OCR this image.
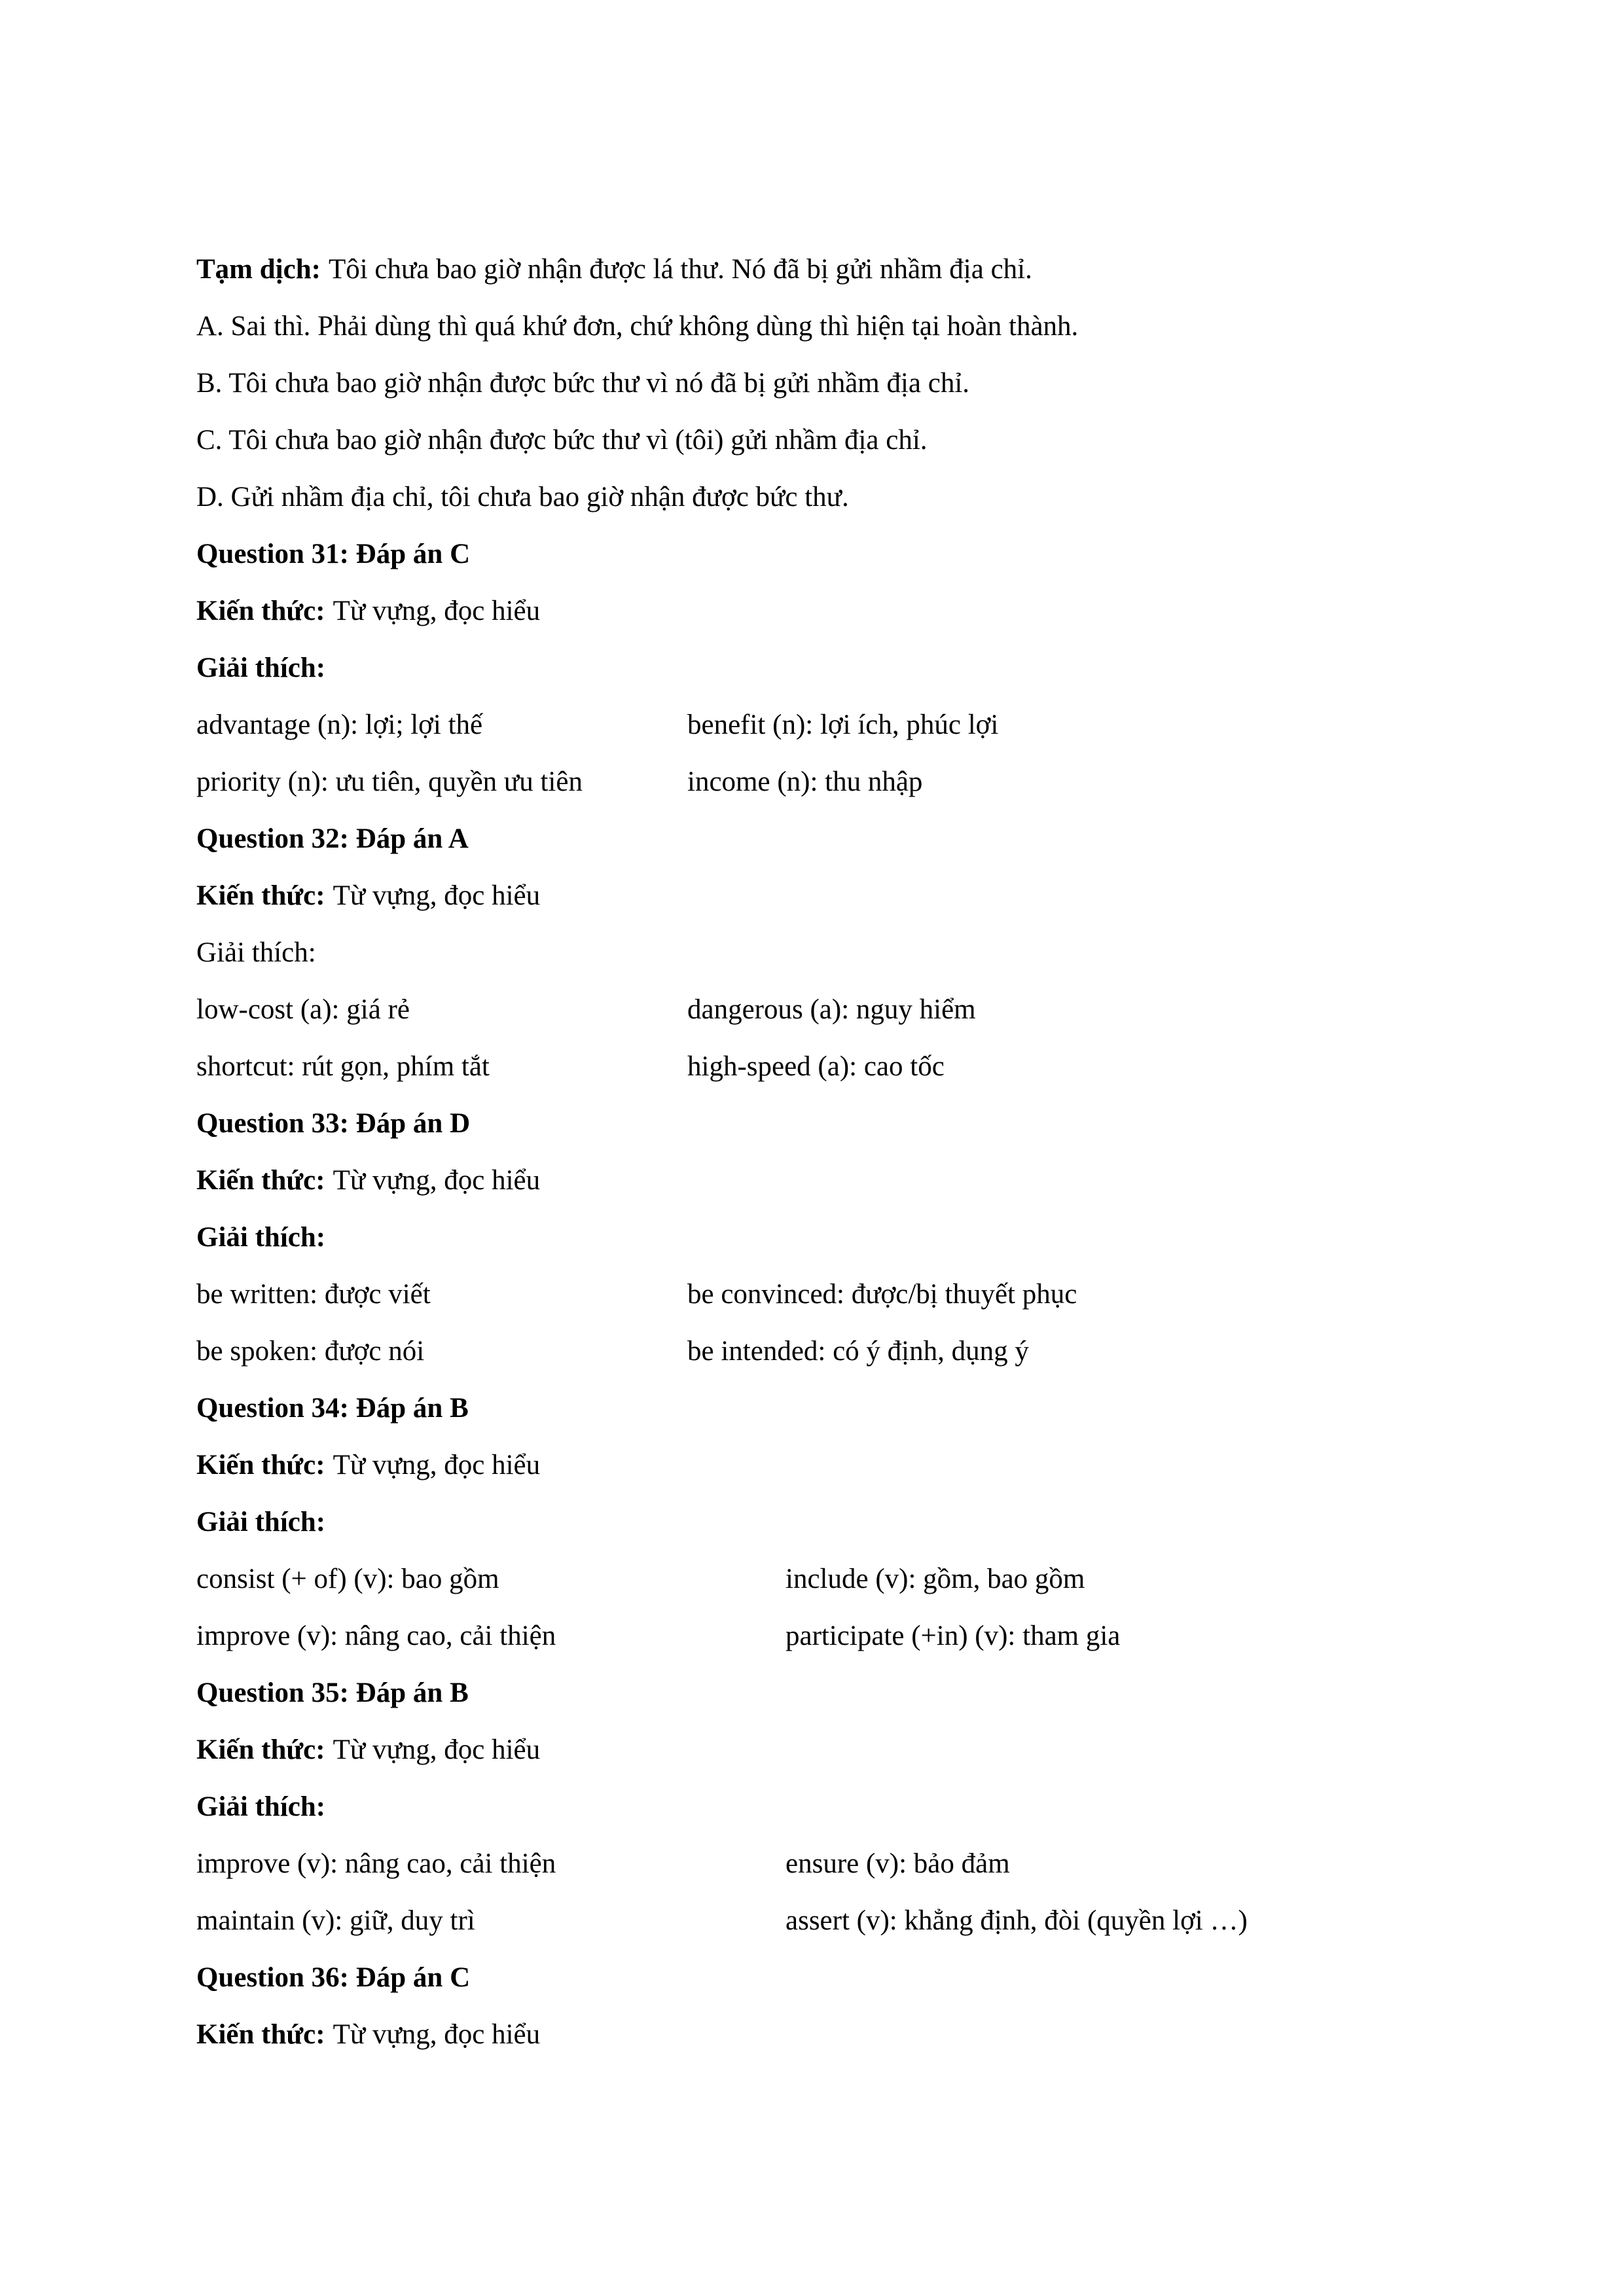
Tạm dịch: Tôi chưa bao giờ nhận được lá thư. Nó đã bị gửi nhầm địa chỉ.
A. Sai thì. Phải dùng thì quá khứ đơn, chứ không dùng thì hiện tại hoàn thành.
B. Tôi chưa bao giờ nhận được bức thư vì nó đã bị gửi nhầm địa chỉ.
C. Tôi chưa bao giờ nhận được bức thư vì (tôi) gửi nhầm địa chỉ.
D. Gửi nhầm địa chỉ, tôi chưa bao giờ nhận được bức thư.
Question 31: Đáp án C
Kiến thức: Từ vựng, đọc hiểu
Giải thích:
advantage (n): lợi; lợi thế	benefit (n): lợi ích, phúc lợi
priority (n): ưu tiên, quyền ưu tiên	income (n): thu nhập
Question 32: Đáp án A
Kiến thức: Từ vựng, đọc hiểu
Giải thích:
low-cost (a): giá rẻ	dangerous (a): nguy hiểm
shortcut: rút gọn, phím tắt	high-speed (a): cao tốc
Question 33: Đáp án D
Kiến thức: Từ vựng, đọc hiểu
Giải thích:
be written: được viết	be convinced: được/bị thuyết phục
be spoken: được nói	be intended: có ý định, dụng ý
Question 34: Đáp án B
Kiến thức: Từ vựng, đọc hiểu
Giải thích:
consist (+ of) (v): bao gồm	include (v): gồm, bao gồm
improve (v): nâng cao, cải thiện	participate (+in) (v): tham gia
Question 35: Đáp án B
Kiến thức: Từ vựng, đọc hiểu
Giải thích:
improve (v): nâng cao, cải thiện	ensure (v): bảo đảm
maintain (v): giữ, duy trì	assert (v): khẳng định, đòi (quyền lợi …)
Question 36: Đáp án C
Kiến thức: Từ vựng, đọc hiểu
